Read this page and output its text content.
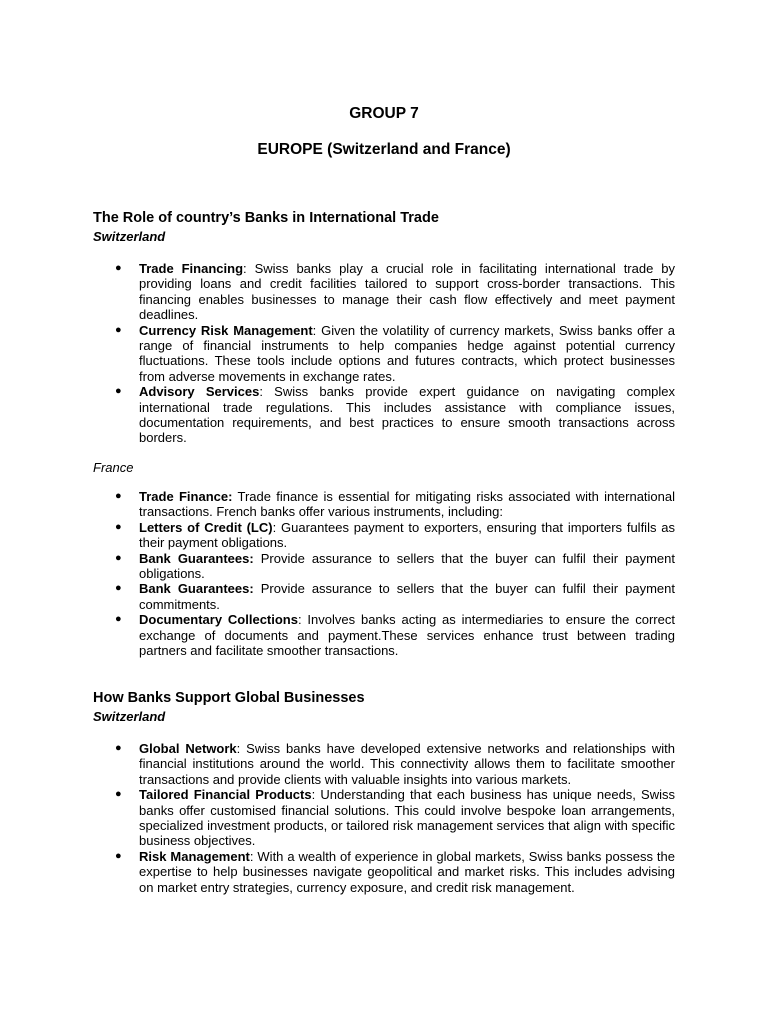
GROUP 7
EUROPE (Switzerland and France)
The Role of country’s Banks in International Trade
Switzerland
● Trade Financing: Swiss banks play a crucial role in facilitating international trade by providing loans and credit facilities tailored to support cross-border transactions. This financing enables businesses to manage their cash flow effectively and meet payment deadlines.
● Currency Risk Management: Given the volatility of currency markets, Swiss banks offer a range of financial instruments to help companies hedge against potential currency fluctuations. These tools include options and futures contracts, which protect businesses from adverse movements in exchange rates.
● Advisory Services: Swiss banks provide expert guidance on navigating complex international trade regulations. This includes assistance with compliance issues, documentation requirements, and best practices to ensure smooth transactions across borders.
France
● Trade Finance: Trade finance is essential for mitigating risks associated with international transactions. French banks offer various instruments, including:
● Letters of Credit (LC): Guarantees payment to exporters, ensuring that importers fulfils as their payment obligations.
● Bank Guarantees: Provide assurance to sellers that the buyer can fulfil their payment obligations.
● Bank Guarantees: Provide assurance to sellers that the buyer can fulfil their payment commitments.
● Documentary Collections: Involves banks acting as intermediaries to ensure the correct exchange of documents and payment.These services enhance trust between trading partners and facilitate smoother transactions.
How Banks Support Global Businesses
Switzerland
● Global Network: Swiss banks have developed extensive networks and relationships with financial institutions around the world. This connectivity allows them to facilitate smoother transactions and provide clients with valuable insights into various markets.
● Tailored Financial Products: Understanding that each business has unique needs, Swiss banks offer customised financial solutions. This could involve bespoke loan arrangements, specialized investment products, or tailored risk management services that align with specific business objectives.
● Risk Management: With a wealth of experience in global markets, Swiss banks possess the expertise to help businesses navigate geopolitical and market risks. This includes advising on market entry strategies, currency exposure, and credit risk management.
